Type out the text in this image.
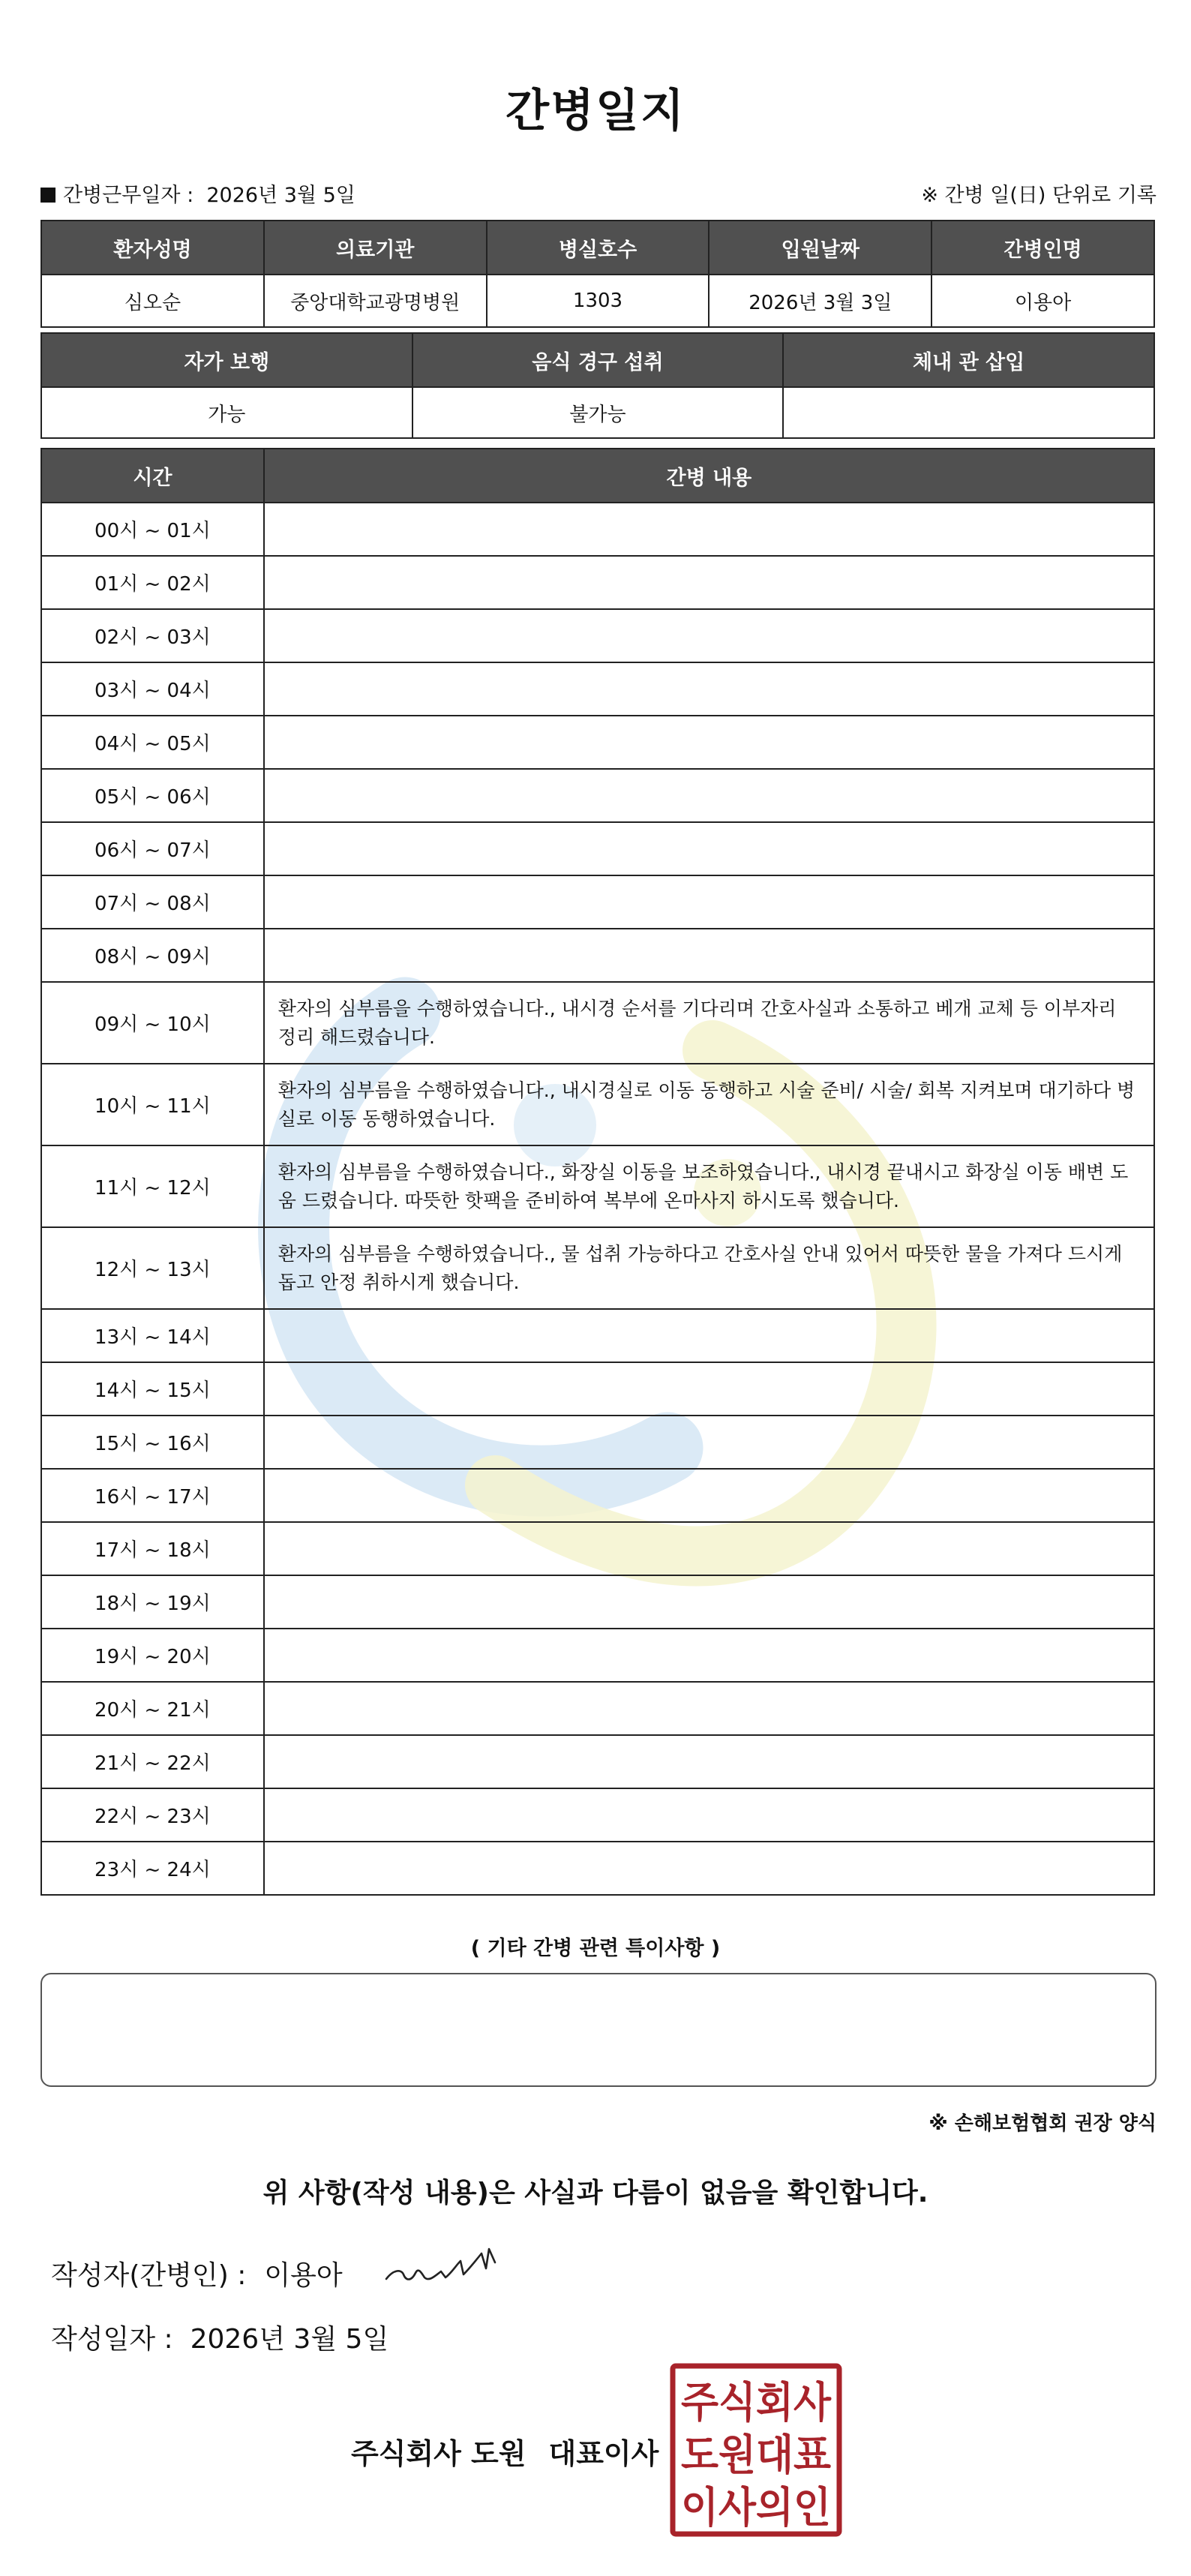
간병일지
간병근무일자 : 2026년 3월 5일	※ 간병 일(日) 단위로 기록
환자성명	의료기관	병실호수	입원날짜	간병인명
심오순	중앙대학교광명병원	1303	2026년 3월 3일	이용아
자가 보행	음식 경구 섭취	체내 관 삽입
가능	불가능	
시간	간병 내용
00시 ~ 01시	
01시 ~ 02시	
02시 ~ 03시	
03시 ~ 04시	
04시 ~ 05시	
05시 ~ 06시	
06시 ~ 07시	
07시 ~ 08시	
08시 ~ 09시	
09시 ~ 10시	환자의 심부름을 수행하였습니다., 내시경 순서를 기다리며 간호사실과 소통하고 베개 교체 등 이부자리 정리 해드렸습니다.
10시 ~ 11시	환자의 심부름을 수행하였습니다., 내시경실로 이동 동행하고 시술 준비/ 시술/ 회복 지켜보며 대기하다 병실로 이동 동행하였습니다.
11시 ~ 12시	환자의 심부름을 수행하였습니다., 화장실 이동을 보조하였습니다., 내시경 끝내시고 화장실 이동 배변 도움 드렸습니다. 따뜻한 핫팩을 준비하여 복부에 온마사지 하시도록 했습니다.
12시 ~ 13시	환자의 심부름을 수행하였습니다., 물 섭취 가능하다고 간호사실 안내 있어서 따뜻한 물을 가져다 드시게 돕고 안정 취하시게 했습니다.
13시 ~ 14시	
14시 ~ 15시	
15시 ~ 16시	
16시 ~ 17시	
17시 ~ 18시	
18시 ~ 19시	
19시 ~ 20시	
20시 ~ 21시	
21시 ~ 22시	
22시 ~ 23시	
23시 ~ 24시	
( 기타 간병 관련 특이사항 )
※ 손해보험협회 권장 양식
위 사항(작성 내용)은 사실과 다름이 없음을 확인합니다.
작성자(간병인) : 이용아
작성일자 : 2026년 3월 5일
주식회사 도원 대표이사
주식회사
도원대표
이사의인
